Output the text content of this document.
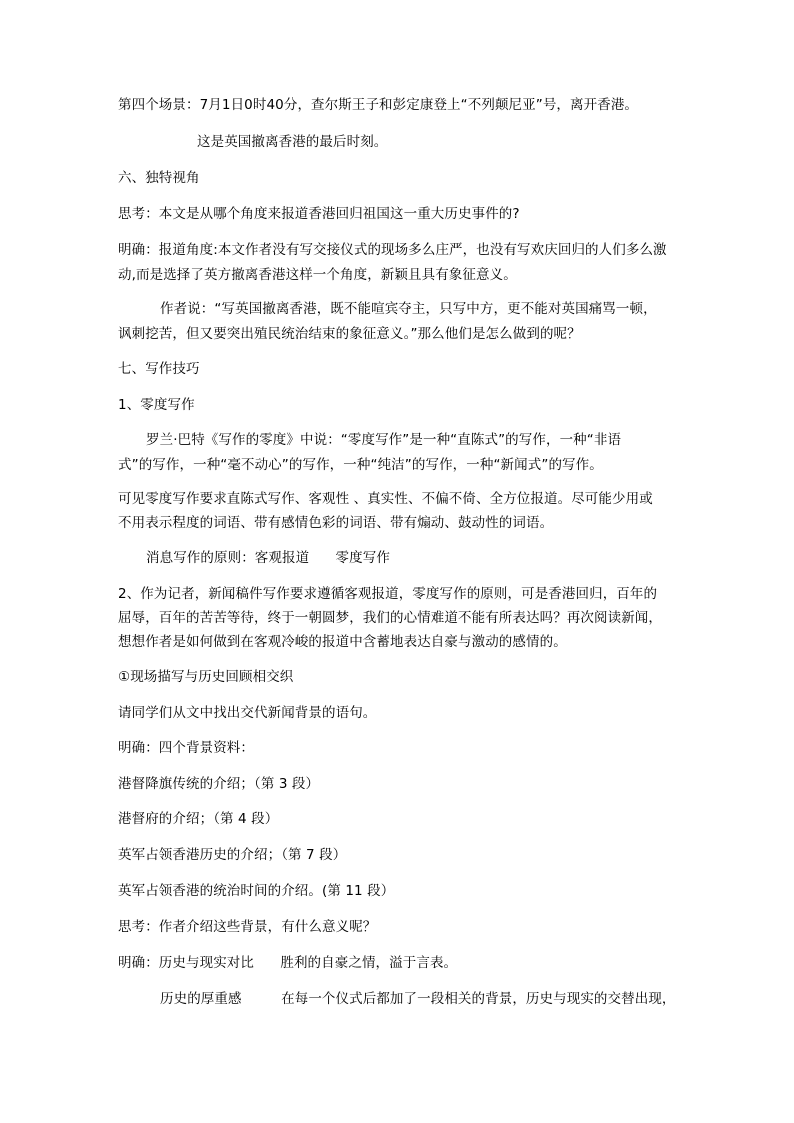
第四个场景：7月1日0时40分，查尔斯王子和彭定康登上“不列颠尼亚”号，离开香港。
这是英国撤离香港的最后时刻。
六、独特视角
思考：本文是从哪个角度来报道香港回归祖国这一重大历史事件的?
明确：报道角度:本文作者没有写交接仪式的现场多么庄严，也没有写欢庆回归的人们多么激
动,而是选择了英方撤离香港这样一个角度，新颖且具有象征意义。
作者说：“写英国撤离香港，既不能喧宾夺主，只写中方，更不能对英国痛骂一顿，
讽刺挖苦，但又要突出殖民统治结束的象征意义。”那么他们是怎么做到的呢？
七、写作技巧
1、零度写作
罗兰·巴特《写作的零度》中说：“零度写作”是一种“直陈式”的写作，一种“非语
式”的写作，一种“毫不动心”的写作，一种“纯洁”的写作，一种“新闻式”的写作。
可见零度写作要求直陈式写作、客观性 、真实性、不偏不倚、全方位报道。尽可能少用或
不用表示程度的词语、带有感情色彩的词语、带有煽动、鼓动性的词语。
消息写作的原则：客观报道      零度写作
2、作为记者，新闻稿件写作要求遵循客观报道，零度写作的原则，可是香港回归，百年的
屈辱，百年的苦苦等待，终于一朝圆梦，我们的心情难道不能有所表达吗？再次阅读新闻，
想想作者是如何做到在客观冷峻的报道中含蓄地表达自豪与激动的感情的。
①现场描写与历史回顾相交织
请同学们从文中找出交代新闻背景的语句。
明确：四个背景资料：
港督降旗传统的介绍；（第 3 段）
港督府的介绍；（第 4 段）
英军占领香港历史的介绍；（第 7 段）
英军占领香港的统治时间的介绍。(第 11 段）
思考：作者介绍这些背景，有什么意义呢？
明确：历史与现实对比      胜利的自豪之情，溢于言表。
历史的厚重感         在每一个仪式后都加了一段相关的背景，历史与现实的交替出现，
